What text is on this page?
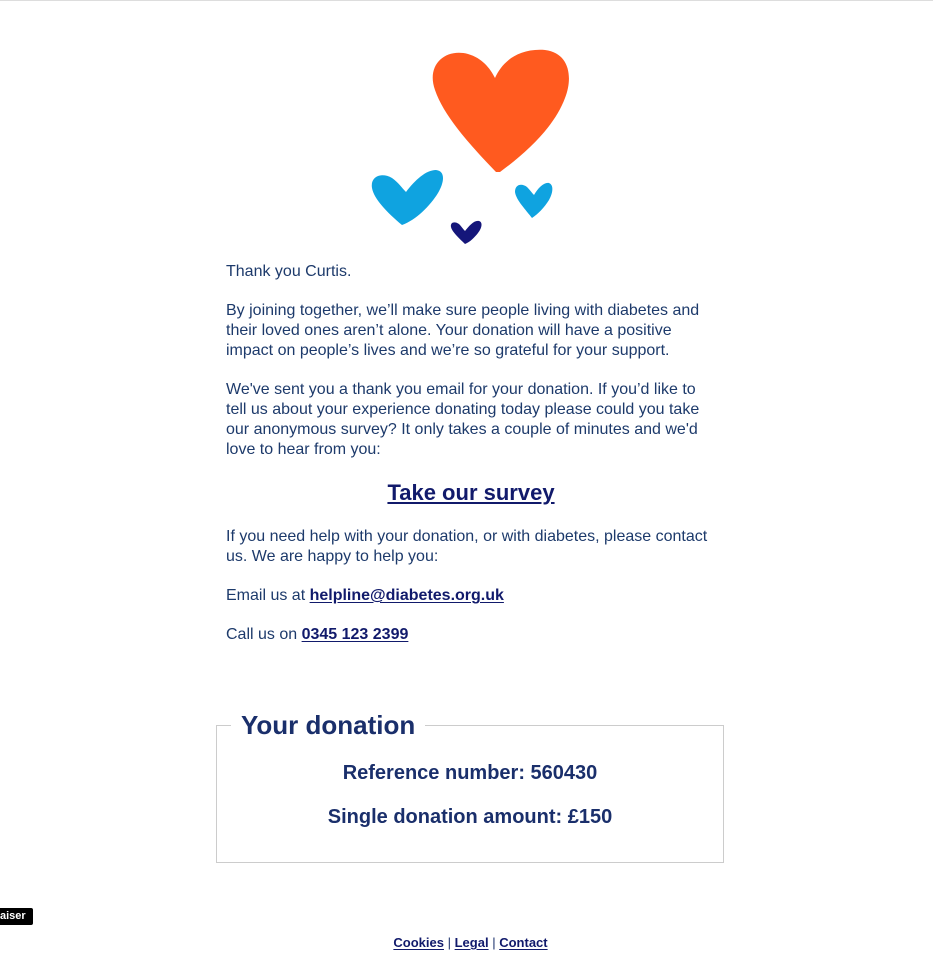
Thank you Curtis.

By joining together, we’ll make sure people living with diabetes and their loved ones aren’t alone. Your donation will have a positive impact on people’s lives and we’re so grateful for your support.

We've sent you a thank you email for your donation. If you’d like to tell us about your experience donating today please could you take our anonymous survey? It only takes a couple of minutes and we'd love to hear from you:

Take our survey

If you need help with your donation, or with diabetes, please contact us. We are happy to help you:

Email us at helpline@diabetes.org.uk

Call us on 0345 123 2399

Your donation
Reference number: 560430
Single donation amount: £150
aiser
Cookies | Legal | Contact
